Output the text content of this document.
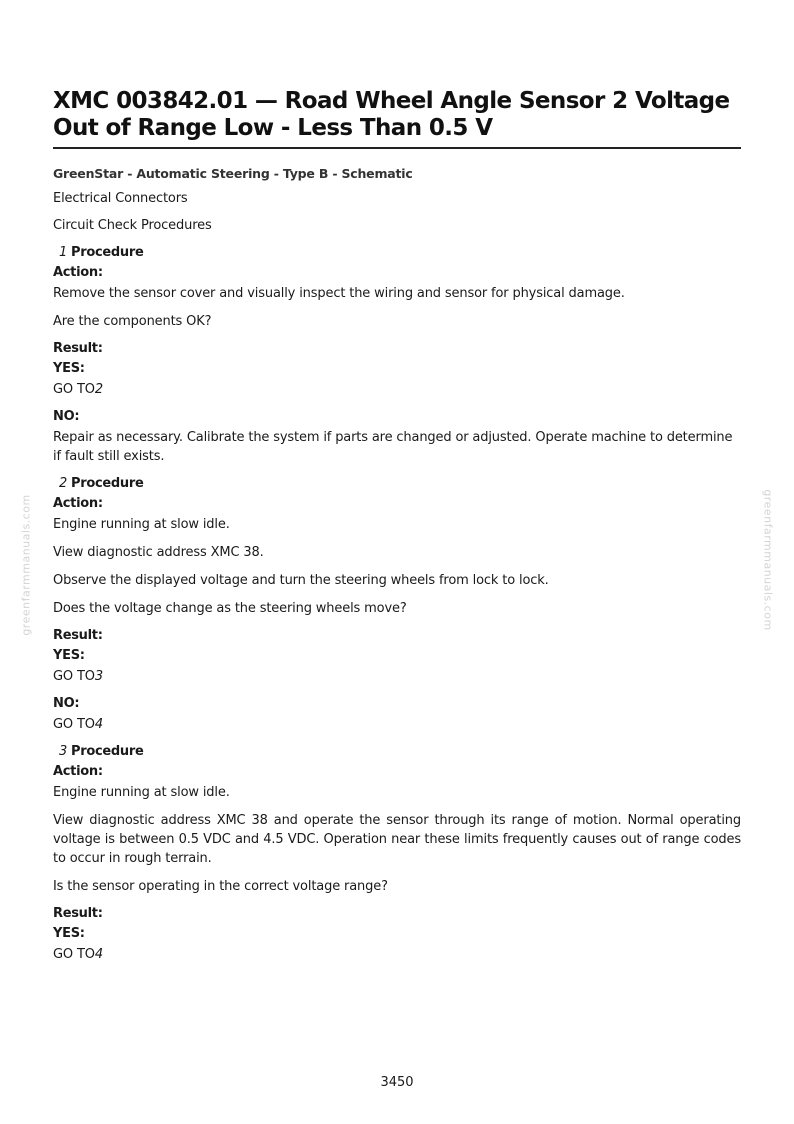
greenfarmmanuals.com	greenfarmmanuals.com
XMC 003842.01 — Road Wheel Angle Sensor 2 Voltage Out of Range Low - Less Than 0.5 V
GreenStar - Automatic Steering - Type B - Schematic
Electrical Connectors
Circuit Check Procedures
1 Procedure
Action:
Remove the sensor cover and visually inspect the wiring and sensor for physical damage.
Are the components OK?
Result:
YES:
GO TO2
NO:
Repair as necessary. Calibrate the system if parts are changed or adjusted. Operate machine to determine if fault still exists.
2 Procedure
Action:
Engine running at slow idle.
View diagnostic address XMC 38.
Observe the displayed voltage and turn the steering wheels from lock to lock.
Does the voltage change as the steering wheels move?
Result:
YES:
GO TO3
NO:
GO TO4
3 Procedure
Action:
Engine running at slow idle.
View diagnostic address XMC 38 and operate the sensor through its range of motion. Normal operating voltage is between 0.5 VDC and 4.5 VDC. Operation near these limits frequently causes out of range codes to occur in rough terrain.
Is the sensor operating in the correct voltage range?
Result:
YES:
GO TO4
3450
